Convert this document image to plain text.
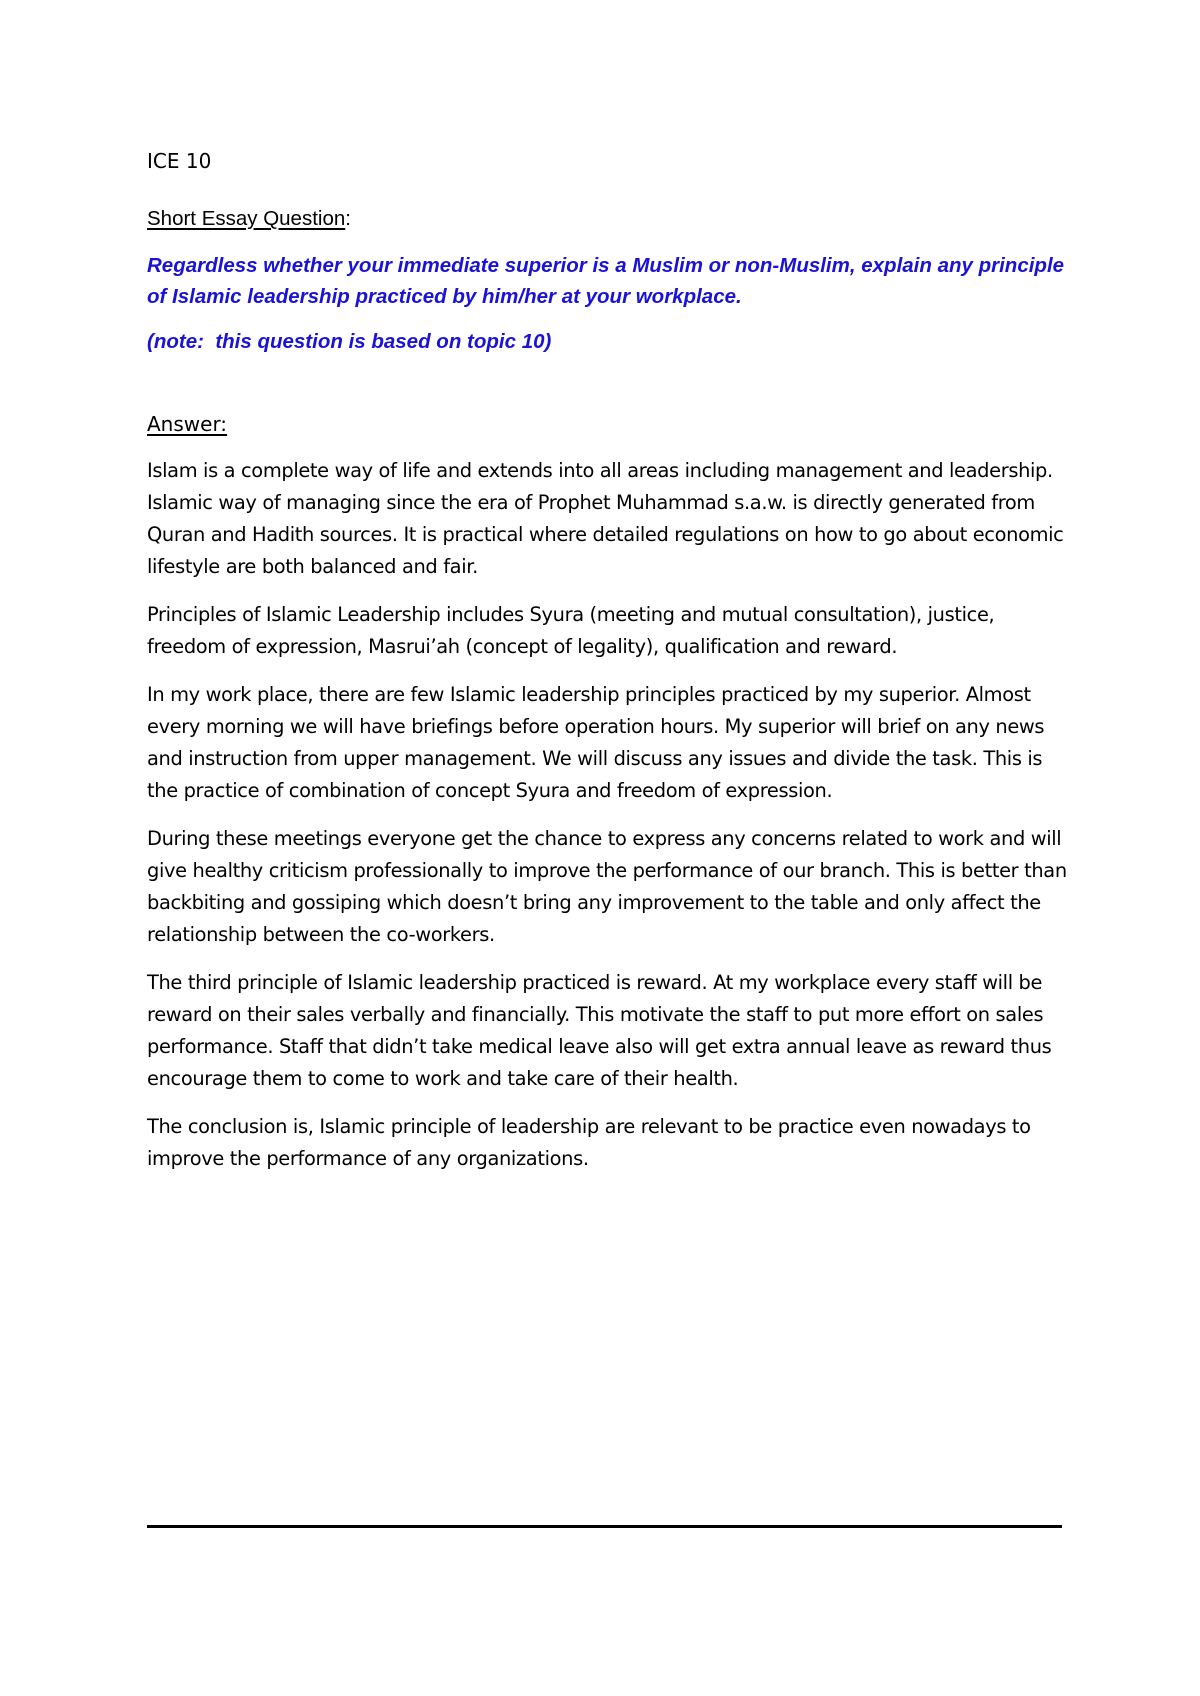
ICE 10

Short Essay Question:

Regardless whether your immediate superior is a Muslim or non-Muslim, explain any principle of Islamic leadership practiced by him/her at your workplace.

(note:  this question is based on topic 10)

Answer:

Islam is a complete way of life and extends into all areas including management and leadership. Islamic way of managing since the era of Prophet Muhammad s.a.w. is directly generated from Quran and Hadith sources. It is practical where detailed regulations on how to go about economic lifestyle are both balanced and fair.

Principles of Islamic Leadership includes Syura (meeting and mutual consultation), justice, freedom of expression, Masrui’ah (concept of legality), qualification and reward.

In my work place, there are few Islamic leadership principles practiced by my superior. Almost every morning we will have briefings before operation hours. My superior will brief on any news and instruction from upper management. We will discuss any issues and divide the task. This is the practice of combination of concept Syura and freedom of expression.

During these meetings everyone get the chance to express any concerns related to work and will give healthy criticism professionally to improve the performance of our branch. This is better than backbiting and gossiping which doesn’t bring any improvement to the table and only affect the relationship between the co-workers.

The third principle of Islamic leadership practiced is reward. At my workplace every staff will be reward on their sales verbally and financially. This motivate the staff to put more effort on sales performance. Staff that didn’t take medical leave also will get extra annual leave as reward thus encourage them to come to work and take care of their health.

The conclusion is, Islamic principle of leadership are relevant to be practice even nowadays to improve the performance of any organizations.
